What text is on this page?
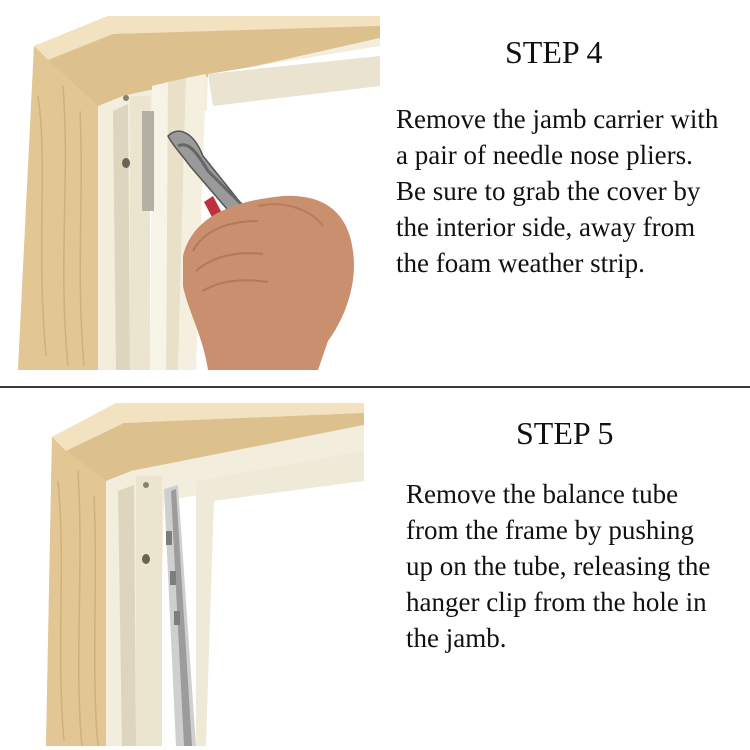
STEP 4

Remove the jamb carrier with
a pair of needle nose pliers.
Be sure to grab the cover by
the interior side, away from
the foam weather strip.

STEP 5

Remove the balance tube
from the frame by pushing
up on the tube, releasing the
hanger clip from the hole in
the jamb.
